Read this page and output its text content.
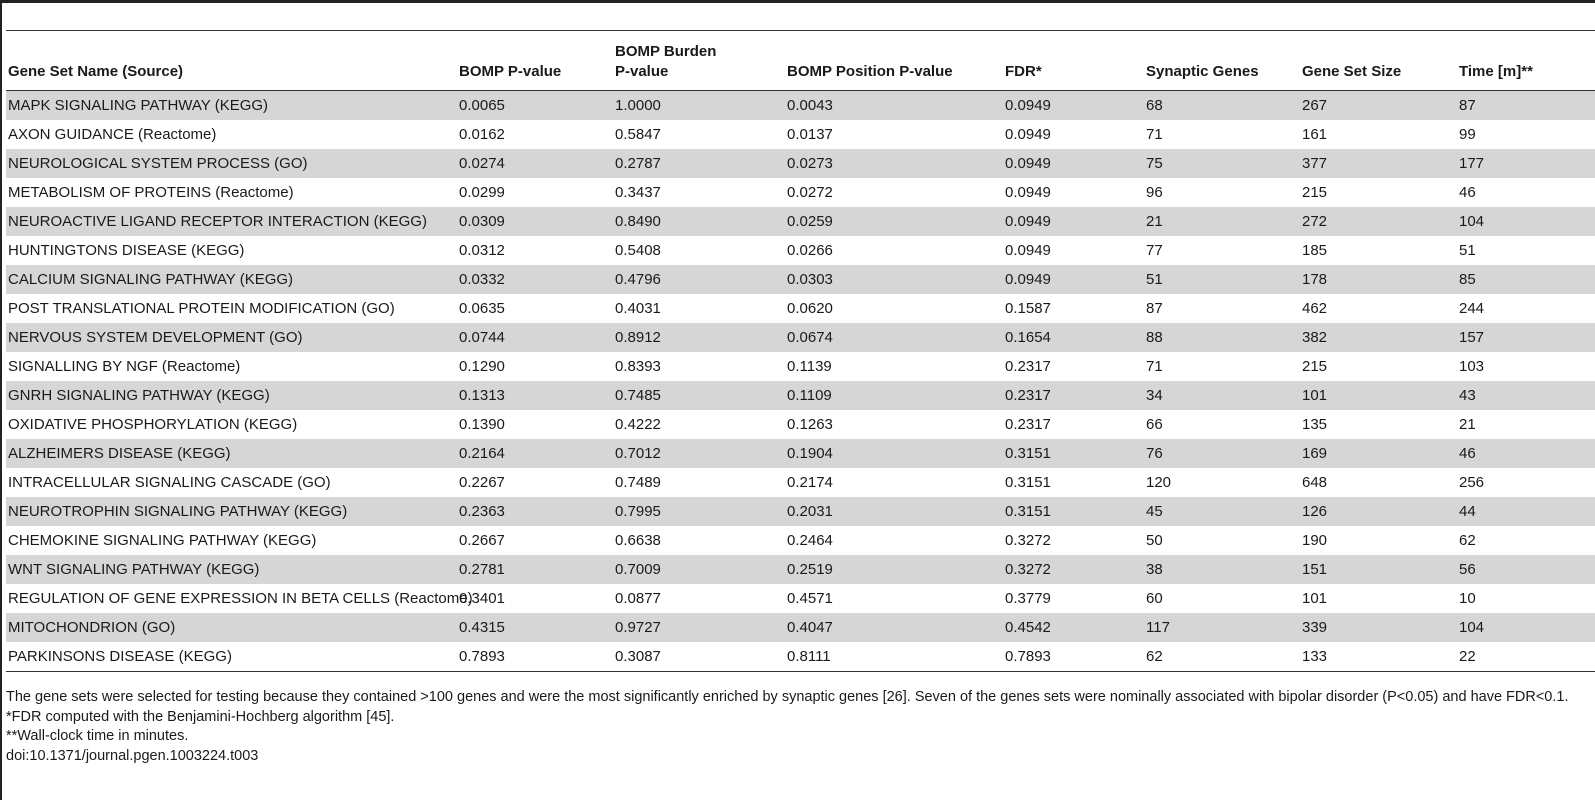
Gene Set Name (Source)	BOMP P-value	BOMP Burden
P-value	BOMP Position P-value	FDR*	Synaptic Genes	Gene Set Size	Time [m]**
MAPK SIGNALING PATHWAY (KEGG)	0.0065	1.0000	0.0043	0.0949	68	267	87
AXON GUIDANCE (Reactome)	0.0162	0.5847	0.0137	0.0949	71	161	99
NEUROLOGICAL SYSTEM PROCESS (GO)	0.0274	0.2787	0.0273	0.0949	75	377	177
METABOLISM OF PROTEINS (Reactome)	0.0299	0.3437	0.0272	0.0949	96	215	46
NEUROACTIVE LIGAND RECEPTOR INTERACTION (KEGG)	0.0309	0.8490	0.0259	0.0949	21	272	104
HUNTINGTONS DISEASE (KEGG)	0.0312	0.5408	0.0266	0.0949	77	185	51
CALCIUM SIGNALING PATHWAY (KEGG)	0.0332	0.4796	0.0303	0.0949	51	178	85
POST TRANSLATIONAL PROTEIN MODIFICATION (GO)	0.0635	0.4031	0.0620	0.1587	87	462	244
NERVOUS SYSTEM DEVELOPMENT (GO)	0.0744	0.8912	0.0674	0.1654	88	382	157
SIGNALLING BY NGF (Reactome)	0.1290	0.8393	0.1139	0.2317	71	215	103
GNRH SIGNALING PATHWAY (KEGG)	0.1313	0.7485	0.1109	0.2317	34	101	43
OXIDATIVE PHOSPHORYLATION (KEGG)	0.1390	0.4222	0.1263	0.2317	66	135	21
ALZHEIMERS DISEASE (KEGG)	0.2164	0.7012	0.1904	0.3151	76	169	46
INTRACELLULAR SIGNALING CASCADE (GO)	0.2267	0.7489	0.2174	0.3151	120	648	256
NEUROTROPHIN SIGNALING PATHWAY (KEGG)	0.2363	0.7995	0.2031	0.3151	45	126	44
CHEMOKINE SIGNALING PATHWAY (KEGG)	0.2667	0.6638	0.2464	0.3272	50	190	62
WNT SIGNALING PATHWAY (KEGG)	0.2781	0.7009	0.2519	0.3272	38	151	56
REGULATION OF GENE EXPRESSION IN BETA CELLS (Reactome)	0.3401	0.0877	0.4571	0.3779	60	101	10
MITOCHONDRION (GO)	0.4315	0.9727	0.4047	0.4542	117	339	104
PARKINSONS DISEASE (KEGG)	0.7893	0.3087	0.8111	0.7893	62	133	22

The gene sets were selected for testing because they contained >100 genes and were the most significantly enriched by synaptic genes [26]. Seven of the genes sets were nominally associated with bipolar disorder (P<0.05) and have FDR<0.1.

*FDR computed with the Benjamini-Hochberg algorithm [45].

**Wall-clock time in minutes.

doi:10.1371/journal.pgen.1003224.t003
